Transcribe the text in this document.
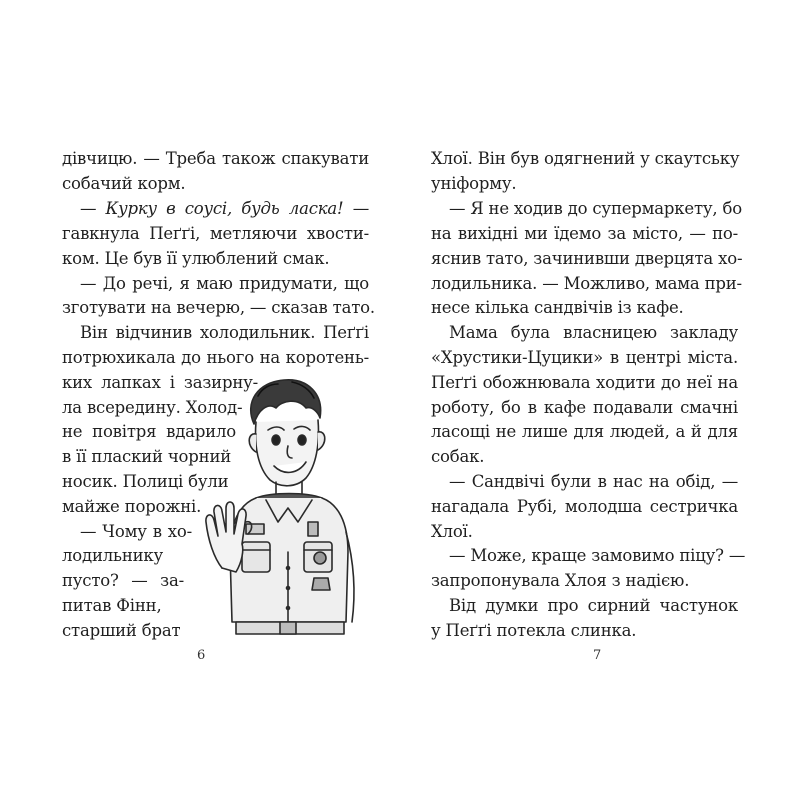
дівчицю. — Треба також спакувати
собачий корм.
— Курку в соусі, будь ласка! —
гавкнула Пеґґі, метляючи хвости-
ком. Це був її улюблений смак.
— До речі, я маю придумати, що
зготувати на вечерю, — сказав тато.
Він відчинив холодильник. Пеґґі
потрюхикала до нього на коротень-
ких лапках і зазирну-
ла всередину. Холод-
не повітря вдарило
в її плаский чорний
носик. Полиці були
майже порожні.
— Чому в хо-
лодильнику
пусто? — за-
питав Фінн,
старший брат
6
Хлої. Він був одягнений у скаутську
уніформу.
— Я не ходив до супермаркету, бо
на вихідні ми їдемо за місто, — по-
яснив тато, зачинивши дверцята хо-
лодильника. — Можливо, мама при-
несе кілька сандвічів із кафе.
Мама була власницею закладу
«Хрустики-Цуцики» в центрі міста.
Пеґґі обожнювала ходити до неї на
роботу, бо в кафе подавали смачні
ласощі не лише для людей, а й для
собак.
— Сандвічі були в нас на обід, —
нагадала Рубі, молодша сестричка
Хлої.
— Може, краще замовимо піцу? —
запропонувала Хлоя з надією.
Від думки про сирний частунок
у Пеґґі потекла слинка.
7
